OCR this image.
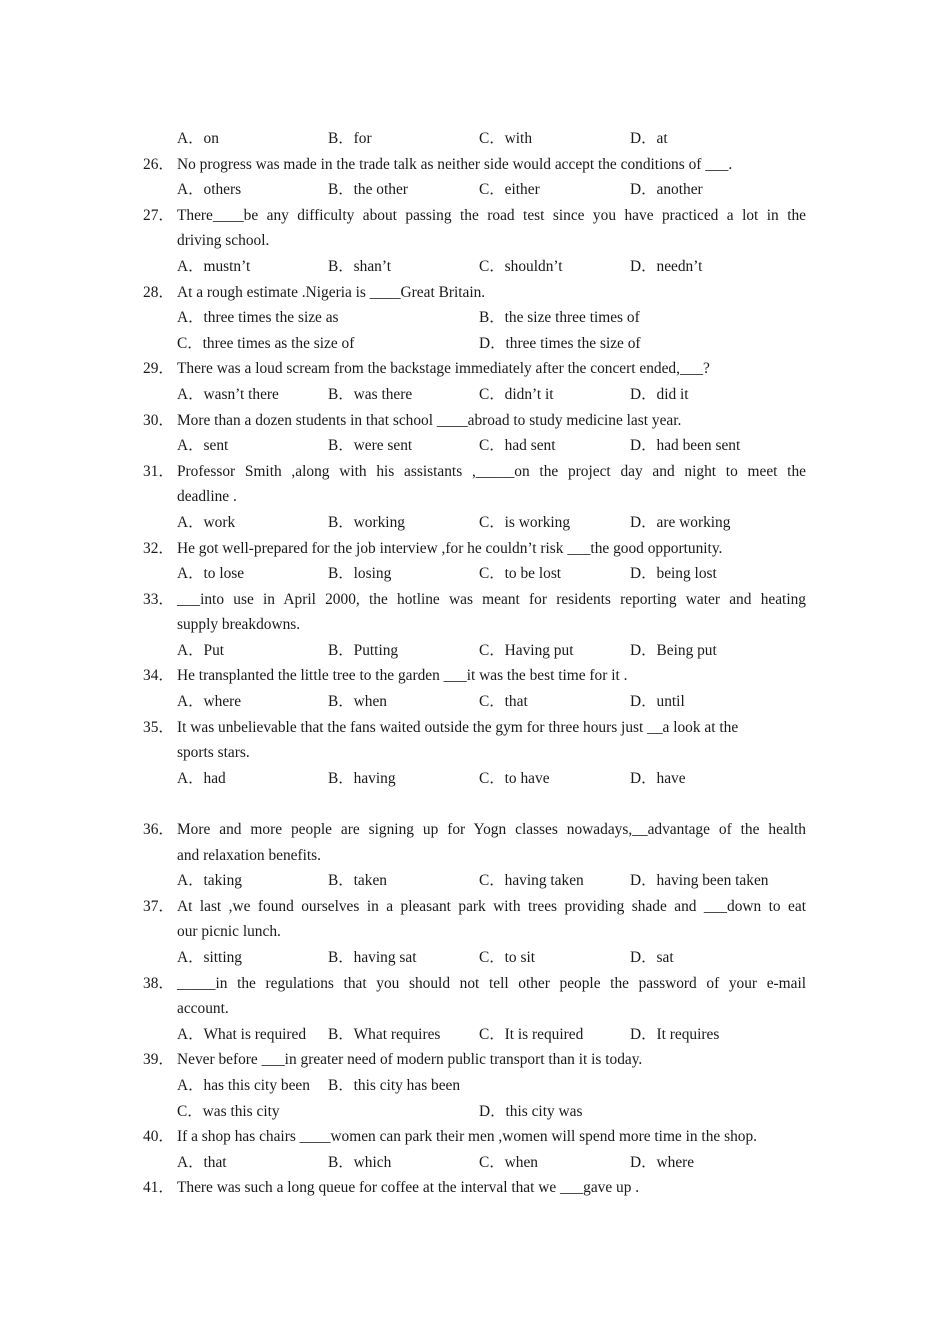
A．on	B．for	C．with	D．at
26． No progress was made in the trade talk as neither side would accept the conditions of ___.
A．others	B．the other	C．either	D．another
27． There____be any difficulty about passing the road test since you have practiced a lot in the
driving school.
A．mustn’t	B．shan’t	C．shouldn’t	D．needn’t
28． At a rough estimate .Nigeria is ____Great Britain.
A．three times the size as	B．the size three times of
C．three times as the size of	D．three times the size of
29． There was a loud scream from the backstage immediately after the concert ended,___?
A．wasn’t there	B．was there	C．didn’t it	D．did it
30． More than a dozen students in that school ____abroad to study medicine last year.
A．sent	B．were sent	C．had sent	D．had been sent
31． Professor Smith ,along with his assistants ,_____on the project day and night to meet the
deadline .
A．work	B．working	C．is working	D．are working
32． He got well-prepared for the job interview ,for he couldn’t risk ___the good opportunity.
A．to lose	B．losing	C．to be lost	D．being lost
33． ___into use in April 2000, the hotline was meant for residents reporting water and heating
supply breakdowns.
A．Put	B．Putting	C．Having put	D．Being put
34． He transplanted the little tree to the garden ___it was the best time for it .
A．where	B．when	C．that	D．until
35． It was unbelievable that the fans waited outside the gym for three hours just __a look at the
sports stars.
A．had	B．having	C．to have	D．have
36． More and more people are signing up for Yogn classes nowadays,__advantage of the health
and relaxation benefits.
A．taking	B．taken	C．having taken	D．having been taken
37． At last ,we found ourselves in a pleasant park with trees providing shade and ___down to eat
our picnic lunch.
A．sitting	B．having sat	C．to sit	D．sat
38． _____in the regulations that you should not tell other people the password of your e-mail
account.
A．What is required B．What requires	C．It is required	D．It requires
39． Never before ___in greater need of modern public transport than it is today.
A．has this city been B．this city has been
C．was this city	D．this city was
40． If a shop has chairs ____women can park their men ,women will spend more time in the shop.
A．that	B．which	C．when	D．where
41． There was such a long queue for coffee at the interval that we ___gave up .
